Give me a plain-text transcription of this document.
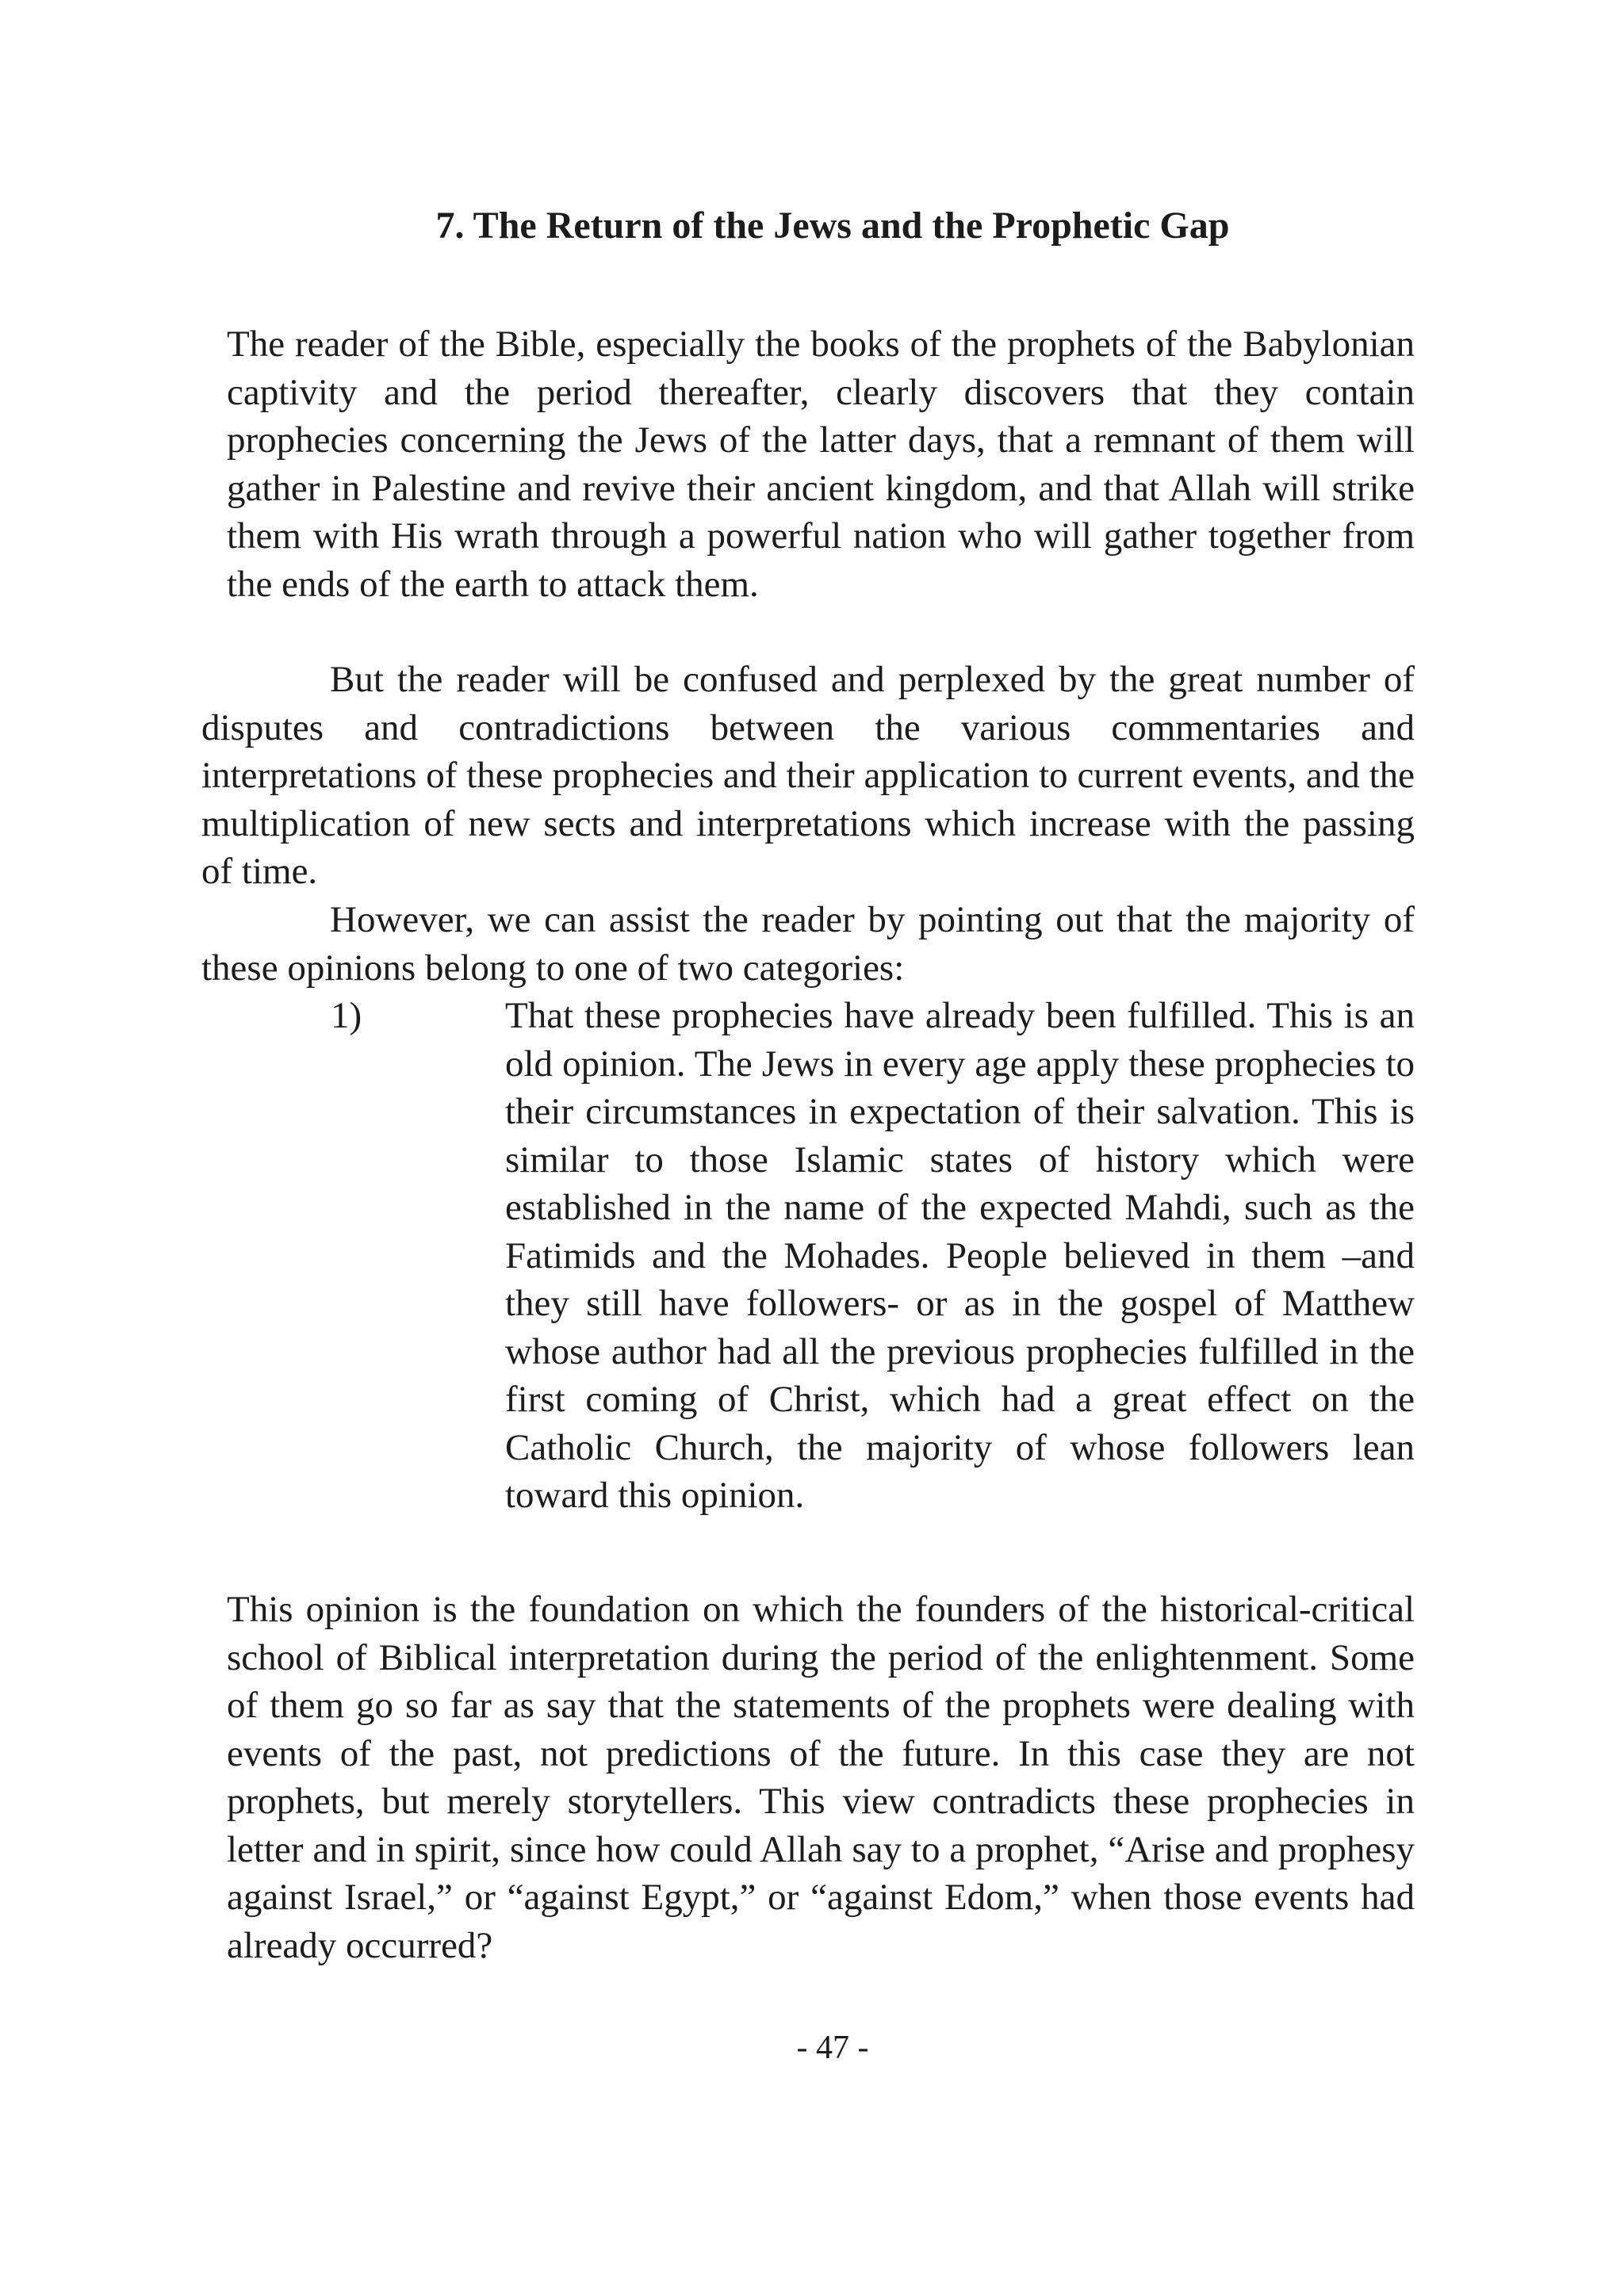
7. The Return of the Jews and the Prophetic Gap

The reader of the Bible, especially the books of the prophets of the Babylonian captivity and the period thereafter, clearly discovers that they contain prophecies concerning the Jews of the latter days, that a remnant of them will gather in Palestine and revive their ancient kingdom, and that Allah will strike them with His wrath through a powerful nation who will gather together from the ends of the earth to attack them.

But the reader will be confused and perplexed by the great number of disputes and contradictions between the various commentaries and interpretations of these prophecies and their application to current events, and the multiplication of new sects and interpretations which increase with the passing of time.

However, we can assist the reader by pointing out that the majority of these opinions belong to one of two categories:

1)	That these prophecies have already been fulfilled. This is an old opinion. The Jews in every age apply these prophecies to their circumstances in expectation of their salvation. This is similar to those Islamic states of history which were established in the name of the expected Mahdi, such as the Fatimids and the Mohades. People believed in them –and they still have followers- or as in the gospel of Matthew whose author had all the previous prophecies fulfilled in the first coming of Christ, which had a great effect on the Catholic Church, the majority of whose followers lean toward this opinion.

This opinion is the foundation on which the founders of the historical-critical school of Biblical interpretation during the period of the enlightenment. Some of them go so far as say that the statements of the prophets were dealing with events of the past, not predictions of the future. In this case they are not prophets, but merely storytellers. This view contradicts these prophecies in letter and in spirit, since how could Allah say to a prophet, “Arise and prophesy against Israel,” or “against Egypt,” or “against Edom,” when those events had already occurred?

- 47 -
